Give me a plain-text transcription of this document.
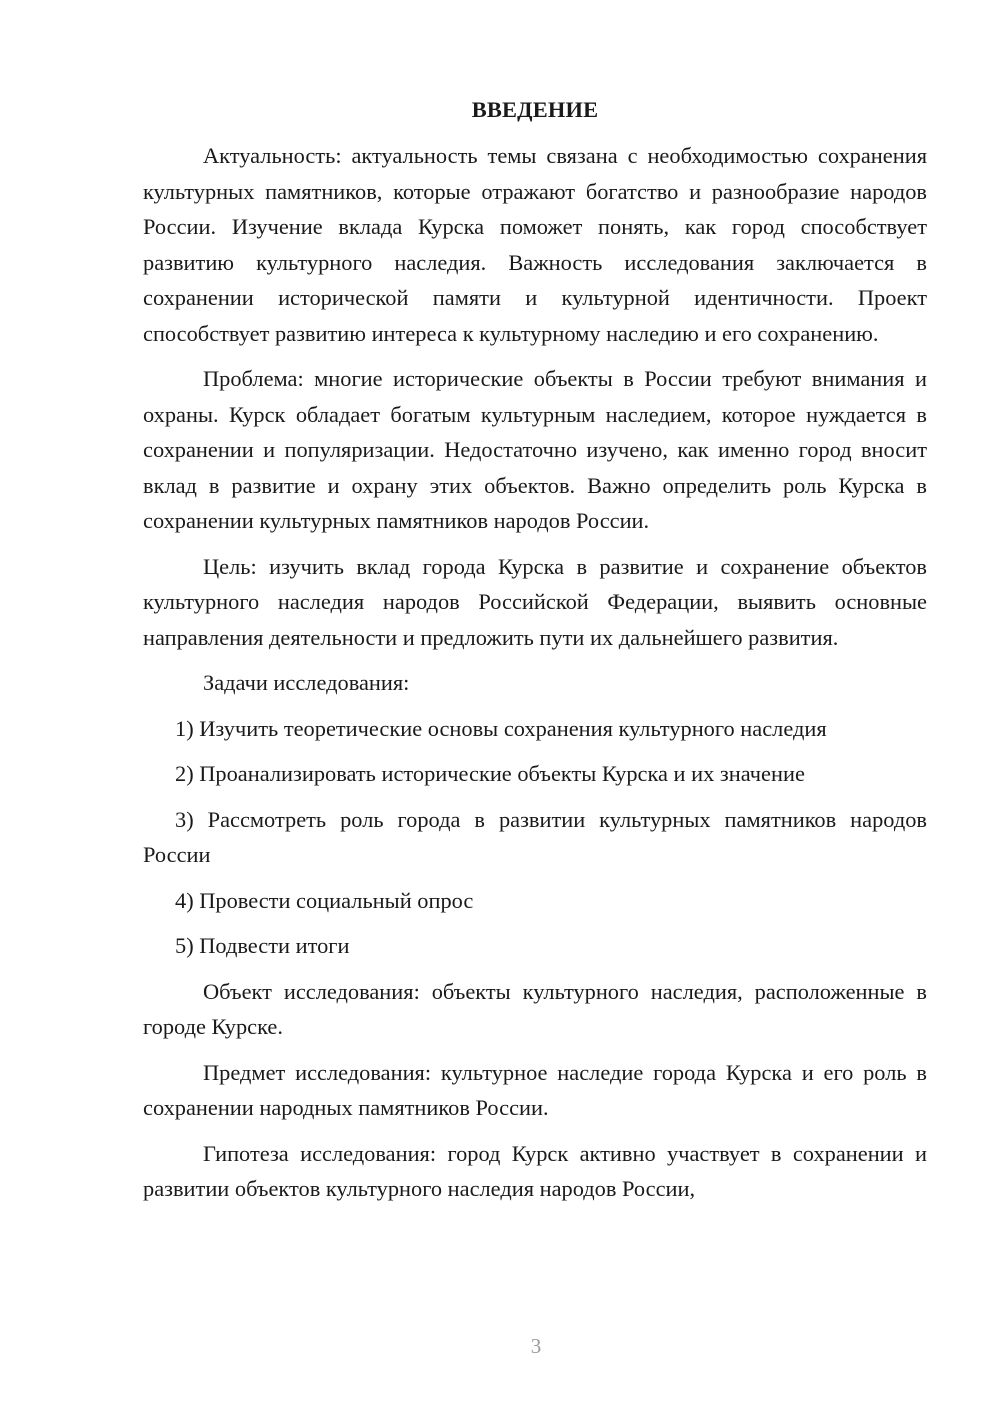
ВВЕДЕНИЕ

Актуальность: актуальность темы связана с необходимостью сохранения культурных памятников, которые отражают богатство и разнообразие народов России. Изучение вклада Курска поможет понять, как город способствует развитию культурного наследия. Важность исследования заключается в сохранении исторической памяти и культурной идентичности. Проект способствует развитию интереса к культурному наследию и его сохранению.

Проблема: многие исторические объекты в России требуют внимания и охраны. Курск обладает богатым культурным наследием, которое нуждается в сохранении и популяризации. Недостаточно изучено, как именно город вносит вклад в развитие и охрану этих объектов. Важно определить роль Курска в сохранении культурных памятников народов России.

Цель: изучить вклад города Курска в развитие и сохранение объектов культурного наследия народов Российской Федерации, выявить основные направления деятельности и предложить пути их дальнейшего развития.

Задачи исследования:

1) Изучить теоретические основы сохранения культурного наследия

2) Проанализировать исторические объекты Курска и их значение

3) Рассмотреть роль города в развитии культурных памятников народов России

4) Провести социальный опрос

5) Подвести итоги

Объект исследования: объекты культурного наследия, расположенные в городе Курске.

Предмет исследования: культурное наследие города Курска и его роль в сохранении народных памятников России.

Гипотеза исследования: город Курск активно участвует в сохранении и развитии объектов культурного наследия народов России,

3
